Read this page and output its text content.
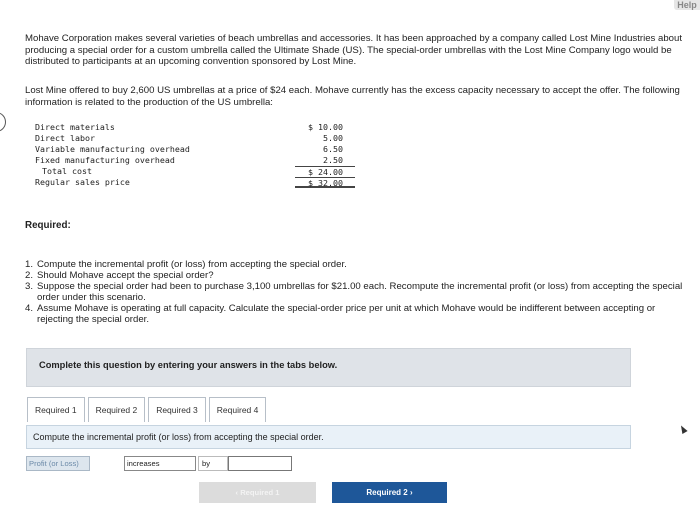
Help

Mohave Corporation makes several varieties of beach umbrellas and accessories. It has been approached by a company called Lost Mine Industries about producing a special order for a custom umbrella called the Ultimate Shade (US). The special-order umbrellas with the Lost Mine Company logo would be distributed to participants at an upcoming convention sponsored by Lost Mine.

Lost Mine offered to buy 2,600 US umbrellas at a price of $24 each. Mohave currently has the excess capacity necessary to accept the offer. The following information is related to the production of the US umbrella:

Direct materials	$ 10.00
Direct labor	5.00
Variable manufacturing overhead	6.50
Fixed manufacturing overhead	2.50
Total cost	$ 24.00
Regular sales price	$ 32.00
Required:
1. Compute the incremental profit (or loss) from accepting the special order.
2. Should Mohave accept the special order?
3. Suppose the special order had been to purchase 3,100 umbrellas for $21.00 each. Recompute the incremental profit (or loss) from accepting the special order under this scenario.
4. Assume Mohave is operating at full capacity. Calculate the special-order price per unit at which Mohave would be indifferent between accepting or rejecting the special order.
Complete this question by entering your answers in the tabs below.
Required 1	Required 2	Required 3	Required 4
Compute the incremental profit (or loss) from accepting the special order.
Profit (or Loss)	increases	by
‹ Required 1	Required 2 ›
